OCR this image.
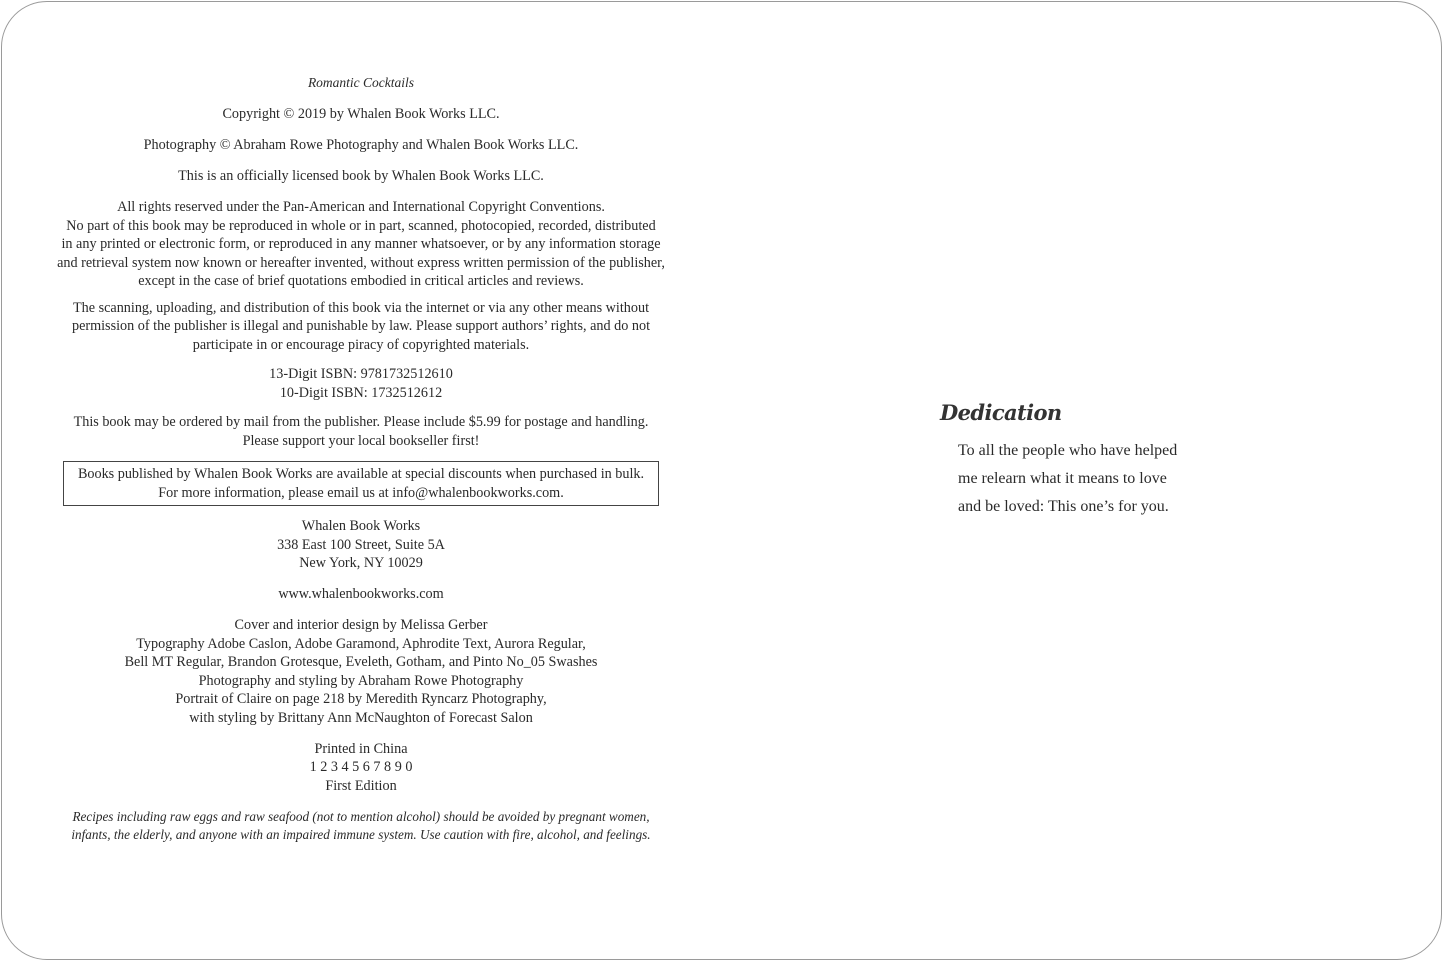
Romantic Cocktails

Copyright © 2019 by Whalen Book Works LLC.

Photography © Abraham Rowe Photography and Whalen Book Works LLC.

This is an officially licensed book by Whalen Book Works LLC.

All rights reserved under the Pan-American and International Copyright Conventions.

No part of this book may be reproduced in whole or in part, scanned, photocopied, recorded, distributed

in any printed or electronic form, or reproduced in any manner whatsoever, or by any information storage

and retrieval system now known or hereafter invented, without express written permission of the publisher,

except in the case of brief quotations embodied in critical articles and reviews.

The scanning, uploading, and distribution of this book via the internet or via any other means without

permission of the publisher is illegal and punishable by law. Please support authors’ rights, and do not

participate in or encourage piracy of copyrighted materials.

13-Digit ISBN: 9781732512610

10-Digit ISBN: 1732512612

This book may be ordered by mail from the publisher. Please include $5.99 for postage and handling.

Please support your local bookseller first!

Books published by Whalen Book Works are available at special discounts when purchased in bulk.

For more information, please email us at info@whalenbookworks.com.

Whalen Book Works

338 East 100 Street, Suite 5A

New York, NY 10029

www.whalenbookworks.com

Cover and interior design by Melissa Gerber

Typography Adobe Caslon, Adobe Garamond, Aphrodite Text, Aurora Regular,

Bell MT Regular, Brandon Grotesque, Eveleth, Gotham, and Pinto No_05 Swashes

Photography and styling by Abraham Rowe Photography

Portrait of Claire on page 218 by Meredith Ryncarz Photography,

with styling by Brittany Ann McNaughton of Forecast Salon

Printed in China

1 2 3 4 5 6 7 8 9 0

First Edition

Recipes including raw eggs and raw seafood (not to mention alcohol) should be avoided by pregnant women,

infants, the elderly, and anyone with an impaired immune system. Use caution with fire, alcohol, and feelings.

Dedication
To all the people who have helped
me relearn what it means to love
and be loved: This one’s for you.
